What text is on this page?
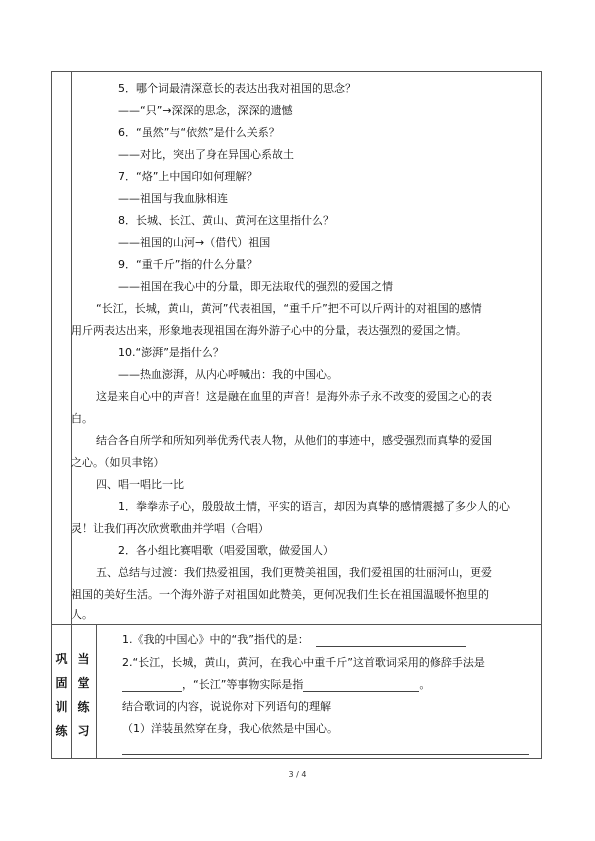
5．哪个词最清深意长的表达出我对祖国的思念？
——“只”→深深的思念，深深的遗憾
6．“虽然”与“依然”是什么关系？
——对比，突出了身在异国心系故土
7．“烙”上中国印如何理解？
——祖国与我血脉相连
8．长城、长江、黄山、黄河在这里指什么？
——祖国的山河→（借代）祖国
9．“重千斤”指的什么分量？
——祖国在我心中的分量，即无法取代的强烈的爱国之情
“长江，长城，黄山，黄河”代表祖国，“重千斤”把不可以斤两计的对祖国的感情
用斤两表达出来，形象地表现祖国在海外游子心中的分量，表达强烈的爱国之情。
10.“澎湃”是指什么？
——热血澎湃，从内心呼喊出：我的中国心。
这是来自心中的声音！这是融在血里的声音！是海外赤子永不改变的爱国之心的表
白。
结合各自所学和所知列举优秀代表人物，从他们的事迹中，感受强烈而真挚的爱国
之心。（如贝聿铭）
四、唱一唱比一比
1．拳拳赤子心，殷殷故土情，平实的语言，却因为真挚的感情震撼了多少人的心
灵！让我们再次欣赏歌曲并学唱（合唱）
2．各小组比赛唱歌（唱爱国歌，做爱国人）
五、总结与过渡：我们热爱祖国，我们更赞美祖国，我们爱祖国的壮丽河山，更爱
祖国的美好生活。一个海外游子对祖国如此赞美，更何况我们生长在祖国温暖怀抱里的
人。
巩
固
训
练
当
堂
练
习
1.《我的中国心》中的“我”指代的是：
2.“长江，长城，黄山，黄河，在我心中重千斤”这首歌词采用的修辞手法是
，“长江”等事物实际是指	。
结合歌词的内容，说说你对下列语句的理解
（1）洋装虽然穿在身，我心依然是中国心。
3 / 4
